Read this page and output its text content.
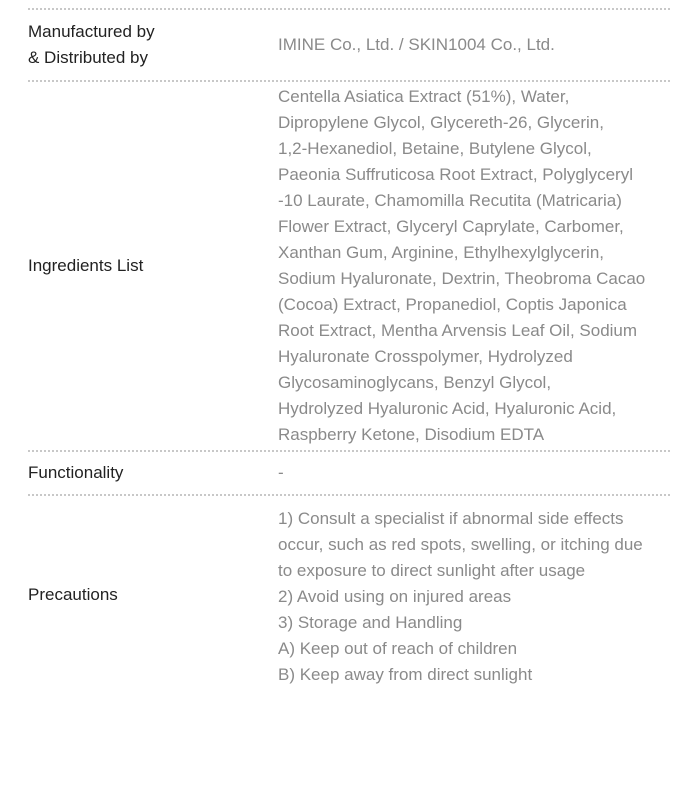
Manufactured by
& Distributed by
IMINE Co., Ltd. / SKIN1004 Co., Ltd.
Ingredients List
Centella Asiatica Extract (51%), Water,
Dipropylene Glycol, Glycereth-26, Glycerin,
1,2-Hexanediol, Betaine, Butylene Glycol,
Paeonia Suffruticosa Root Extract, Polyglyceryl
-10 Laurate, Chamomilla Recutita (Matricaria)
Flower Extract, Glyceryl Caprylate, Carbomer,
Xanthan Gum, Arginine, Ethylhexylglycerin,
Sodium Hyaluronate, Dextrin, Theobroma Cacao
(Cocoa) Extract, Propanediol, Coptis Japonica
Root Extract, Mentha Arvensis Leaf Oil, Sodium
Hyaluronate Crosspolymer, Hydrolyzed
Glycosaminoglycans, Benzyl Glycol,
Hydrolyzed Hyaluronic Acid, Hyaluronic Acid,
Raspberry Ketone, Disodium EDTA
Functionality	-
Precautions
1) Consult a specialist if abnormal side effects
occur, such as red spots, swelling, or itching due
to exposure to direct sunlight after usage
2) Avoid using on injured areas
3) Storage and Handling
A) Keep out of reach of children
B) Keep away from direct sunlight
